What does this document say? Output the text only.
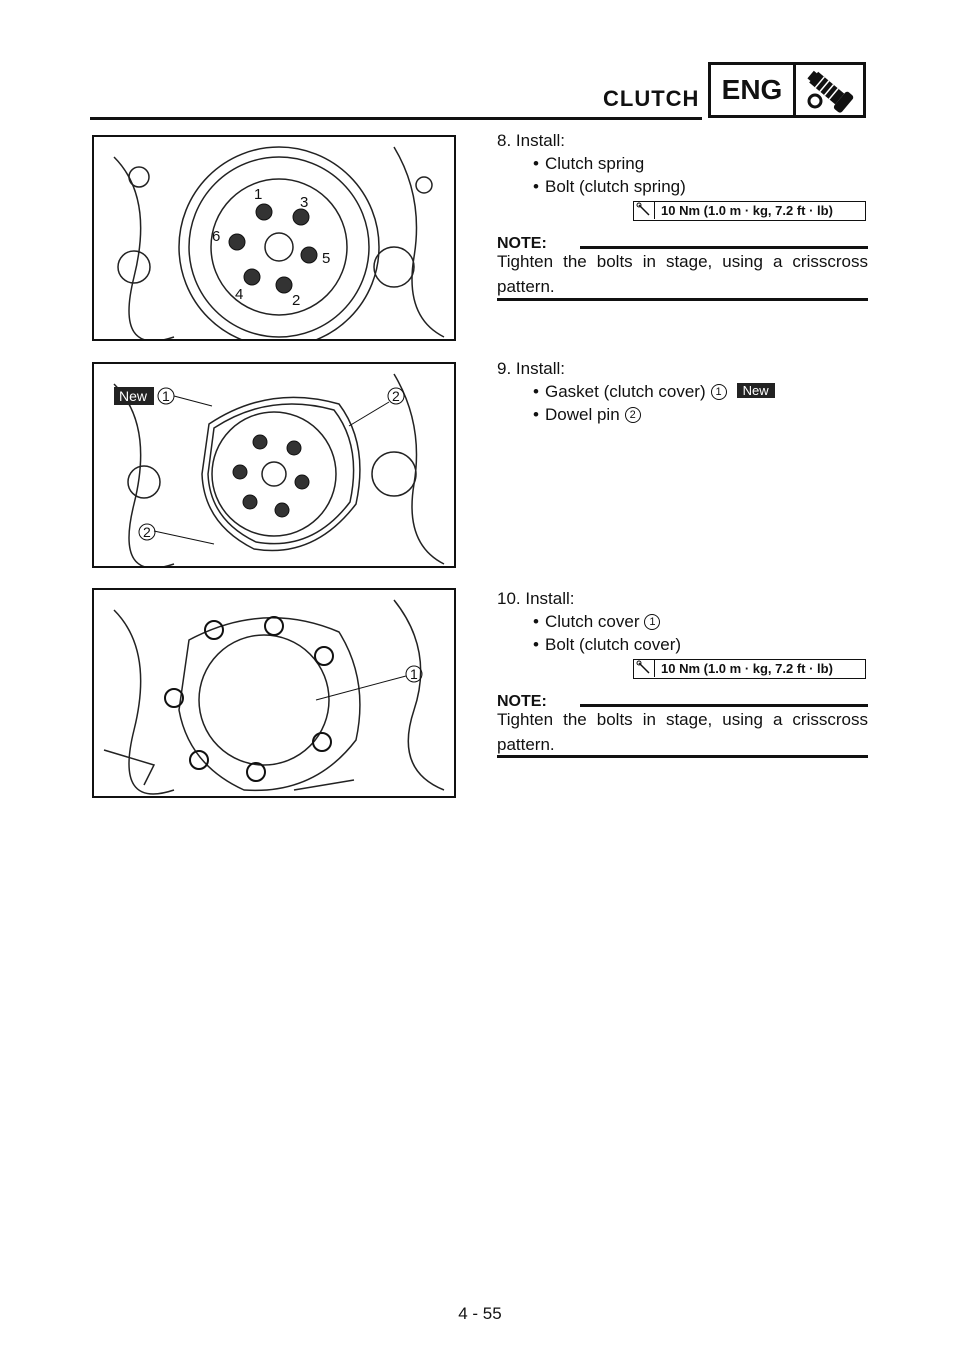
CLUTCH ENG
1
2
3
4
5
6
8. Install:
• Clutch spring
• Bolt (clutch spring)
10 Nm (1.0 m · kg, 7.2 ft · lb)
NOTE:
Tighten the bolts in stage, using a crisscross pattern.
New 1	2
2
9. Install:
• Gasket (clutch cover) 1 New
• Dowel pin 2
1
10. Install:
• Clutch cover 1
• Bolt (clutch cover)
10 Nm (1.0 m · kg, 7.2 ft · lb)
NOTE:
Tighten the bolts in stage, using a crisscross pattern.
4 - 55
